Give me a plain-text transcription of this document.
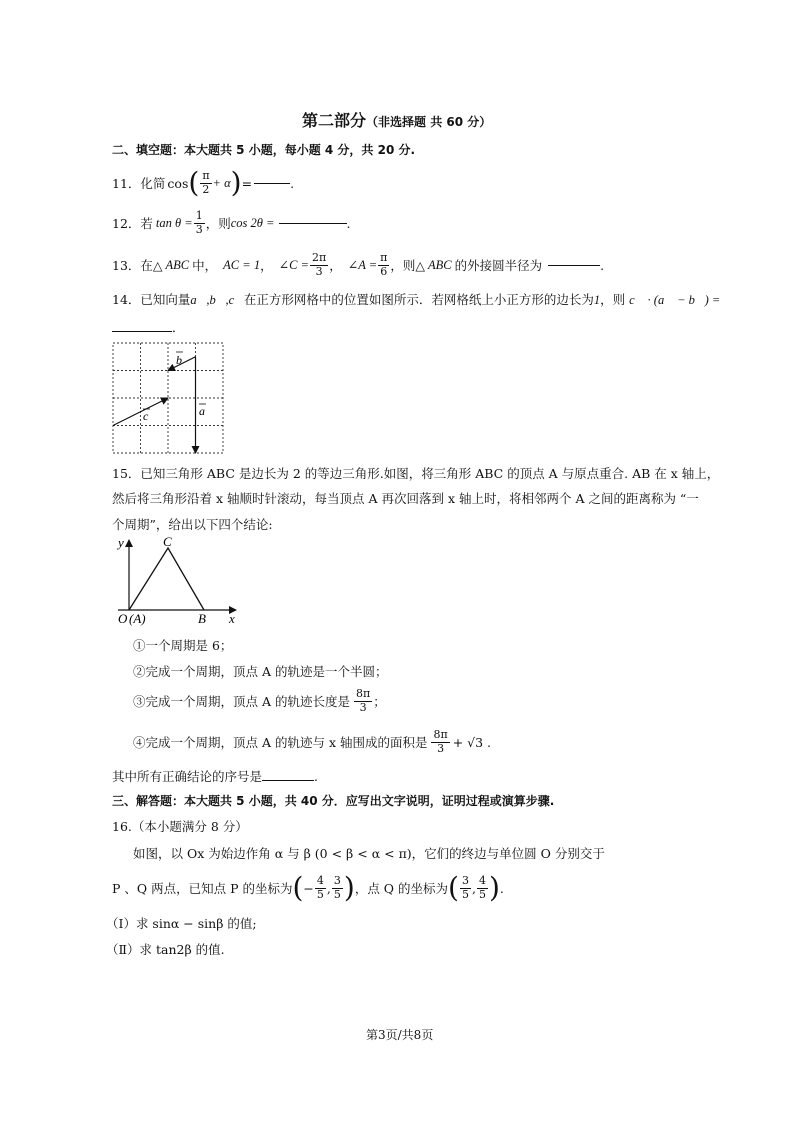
第二部分（非选择题 共 60 分）
二、填空题：本大题共 5 小题，每小题 4 分，共 20 分.
11． 化简 cos ( $\frac{\pi}{2} + \alpha$ ) =	.
12． 若 $\tan \theta = \frac{1}{3}$ ，则 cos 2θ =	.
13． 在△ ABC 中， AC = 1 ， ∠C = $\frac{2\pi}{3}$ ， ∠A = $\frac{\pi}{6}$ ，则△ ABC 的外接圆半径为	.
14．已知向量a⃗,b⃗,c⃗在正方形网格中的位置如图所示．若网格纸上小正方形的边长为1，则 c⃗ · (a⃗ − b⃗) =
．
b
a
c
15．已知三角形 ABC 是边长为 2 的等边三角形.如图，将三角形 ABC 的顶点 A 与原点重合. AB 在 x 轴上，
然后将三角形沿着 x 轴顺时针滚动，每当顶点 A 再次回落到 x 轴上时，将相邻两个 A 之间的距离称为 “一
个周期”，给出以下四个结论:
y	C
O (A)	B x
①一个周期是 6；
②完成一个周期，顶点 A 的轨迹是一个半圆；
③完成一个周期，顶点 A 的轨迹长度是 $\frac{8\pi}{3}$ ；
④完成一个周期，顶点 A 的轨迹与 x 轴围成的面积是 $\frac{8\pi}{3} + √3$ .
其中所有正确结论的序号是	.
三、解答题：本大题共 5 小题，共 40 分．应写出文字说明，证明过程或演算步骤.
16.（本小题满分 8 分）
如图，以 Ox 为始边作角 α 与 β (0 < β < α < π)，它们的终边与单位圆 O 分别交于
P 、Q 两点，已知点 P 的坐标为 ( − $\frac{4}{5}$ , $\frac{3}{5}$ ) ，点 Q 的坐标为 ( $\frac{3}{5}$ , $\frac{4}{5}$ ) .
（Ⅰ）求 sinα − sinβ 的值;
（Ⅱ）求 tan2β 的值.
第3页/共8页
